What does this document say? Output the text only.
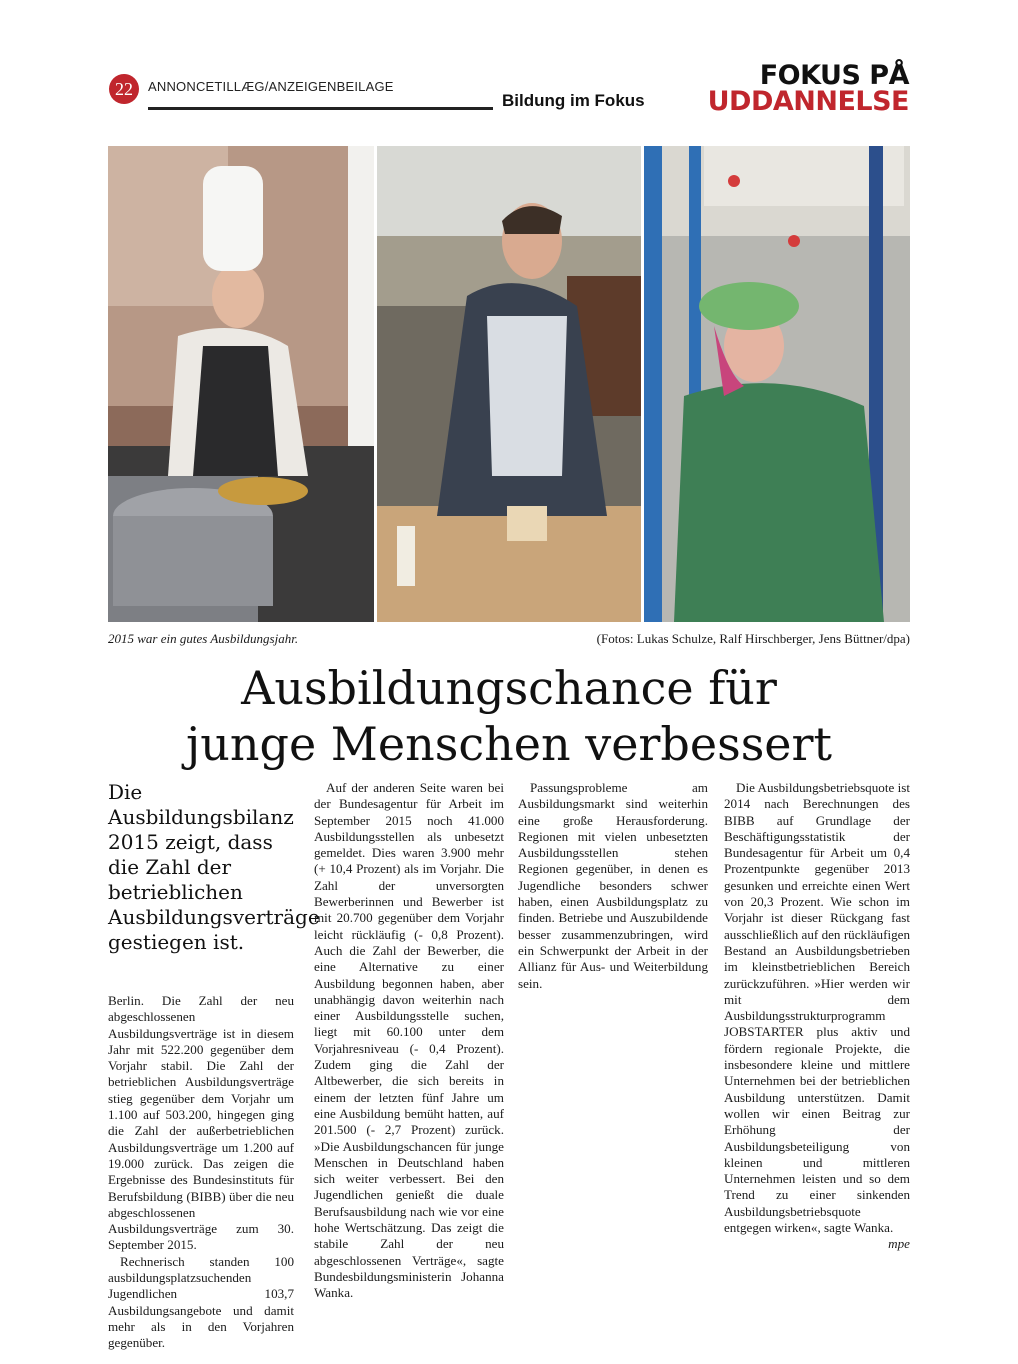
22	ANNONCETILLÆG/ANZEIGENBEILAGE
Bildung im Fokus
FOKUS PÅ
UDDANNELSE
2015 war ein gutes Ausbildungsjahr.	(Fotos: Lukas Schulze, Ralf Hirschberger, Jens Büttner/dpa)
Ausbildungschance für
junge Menschen verbessert
Die Ausbildungsbilanz 2015 zeigt, dass die Zahl der betrieblichen Ausbildungsverträge gestiegen ist.

Berlin. Die Zahl der neu abgeschlossenen Ausbildungsverträge ist in diesem Jahr mit 522.200 gegenüber dem Vorjahr stabil. Die Zahl der betrieblichen Ausbildungsverträge stieg gegenüber dem Vorjahr um 1.100 auf 503.200, hingegen ging die Zahl der außerbetrieblichen Ausbildungsverträge um 1.200 auf 19.000 zurück. Das zeigen die Ergebnisse des Bundesinstituts für Berufsbildung (BIBB) über die neu abgeschlossenen Ausbildungsverträge zum 30. September 2015.

Rechnerisch standen 100 ausbildungsplatzsuchenden Jugendlichen 103,7 Ausbildungsangebote und damit mehr als in den Vorjahren gegenüber.

Auf der anderen Seite waren bei der Bundesagentur für Arbeit im September 2015 noch 41.000 Ausbildungsstellen als unbesetzt gemeldet. Dies waren 3.900 mehr (+ 10,4 Prozent) als im Vorjahr. Die Zahl der unversorgten Bewerberinnen und Bewerber ist mit 20.700 gegenüber dem Vorjahr leicht rückläufig (- 0,8 Prozent). Auch die Zahl der Bewerber, die eine Alternative zu einer Ausbildung begonnen haben, aber unabhängig davon weiterhin nach einer Ausbildungsstelle suchen, liegt mit 60.100 unter dem Vorjahresniveau (- 0,4 Prozent). Zudem ging die Zahl der Altbewerber, die sich bereits in einem der letzten fünf Jahre um eine Ausbildung bemüht hatten, auf 201.500 (- 2,7 Prozent) zurück. »Die Ausbildungschancen für junge Menschen in Deutschland haben sich weiter verbessert. Bei den Jugendlichen genießt die duale Berufsausbildung nach wie vor eine hohe Wertschätzung. Das zeigt die stabile Zahl der neu abgeschlossenen Verträge«, sagte Bundesbildungsministerin Johanna Wanka.

Passungsprobleme am Ausbildungsmarkt sind weiterhin eine große Herausforderung. Regionen mit vielen unbesetzten Ausbildungsstellen stehen Regionen gegenüber, in denen es Jugendliche besonders schwer haben, einen Ausbildungsplatz zu finden. Betriebe und Auszubildende besser zusammenzubringen, wird ein Schwerpunkt der Arbeit in der Allianz für Aus- und Weiterbildung sein.

Die Ausbildungsbetriebsquote ist 2014 nach Berechnungen des BIBB auf Grundlage der Beschäftigungsstatistik der Bundesagentur für Arbeit um 0,4 Prozentpunkte gegenüber 2013 gesunken und erreichte einen Wert von 20,3 Prozent. Wie schon im Vorjahr ist dieser Rückgang fast ausschließlich auf den rückläufigen Bestand an Ausbildungsbetrieben im kleinstbetrieblichen Bereich zurückzuführen. »Hier werden wir mit dem Ausbildungsstrukturprogramm JOBSTARTER plus aktiv und fördern regionale Projekte, die insbesondere kleine und mittlere Unternehmen bei der betrieblichen Ausbildung unterstützen. Damit wollen wir einen Beitrag zur Erhöhung der Ausbildungsbeteiligung von kleinen und mittleren Unternehmen leisten und so dem Trend zu einer sinkenden Ausbildungsbetriebsquote entgegen wirken«, sagte Wanka.

mpe
